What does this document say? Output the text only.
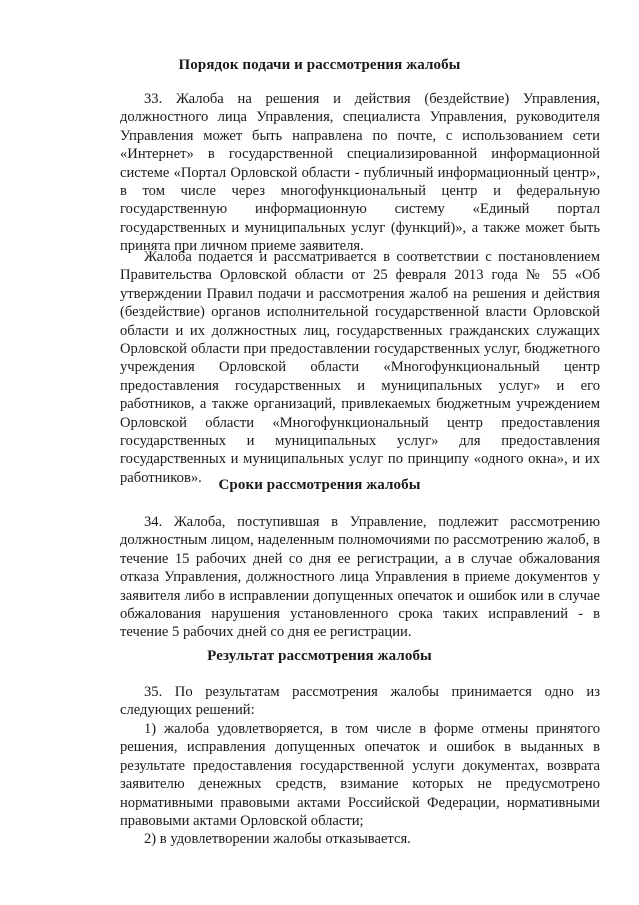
Порядок подачи и рассмотрения жалобы

33. Жалоба на решения и действия (бездействие) Управления, должностного лица Управления, специалиста Управления, руководителя Управления может быть направлена по почте, с использованием сети «Интернет» в государственной специализированной информационной системе «Портал Орловской области - публичный информационный центр», в том числе через многофункциональный центр и федеральную государственную информационную систему «Единый портал государственных и муниципальных услуг (функций)», а также может быть принята при личном приеме заявителя.

Жалоба подается и рассматривается в соответствии с постановлением Правительства Орловской области от 25 февраля 2013 года № 55 «Об утверждении Правил подачи и рассмотрения жалоб на решения и действия (бездействие) органов исполнительной государственной власти Орловской области и их должностных лиц, государственных гражданских служащих Орловской области при предоставлении государственных услуг, бюджетного учреждения Орловской области «Многофункциональный центр предоставления государственных и муниципальных услуг» и его работников, а также организаций, привлекаемых бюджетным учреждением Орловской области «Многофункциональный центр предоставления государственных и муниципальных услуг» для предоставления государственных и муниципальных услуг по принципу «одного окна», и их работников».	Сроки рассмотрения жалобы

34. Жалоба, поступившая в Управление, подлежит рассмотрению должностным лицом, наделенным полномочиями по рассмотрению жалоб, в течение 15 рабочих дней со дня ее регистрации, а в случае обжалования отказа Управления, должностного лица Управления в приеме документов у заявителя либо в исправлении допущенных опечаток и ошибок или в случае обжалования нарушения установленного срока таких исправлений - в течение 5 рабочих дней со дня ее регистрации.

Результат рассмотрения жалобы

35. По результатам рассмотрения жалобы принимается одно из следующих решений:

1) жалоба удовлетворяется, в том числе в форме отмены принятого решения, исправления допущенных опечаток и ошибок в выданных в результате предоставления государственной услуги документах, возврата заявителю денежных средств, взимание которых не предусмотрено нормативными правовыми актами Российской Федерации, нормативными правовыми актами Орловской области;

2) в удовлетворении жалобы отказывается.
